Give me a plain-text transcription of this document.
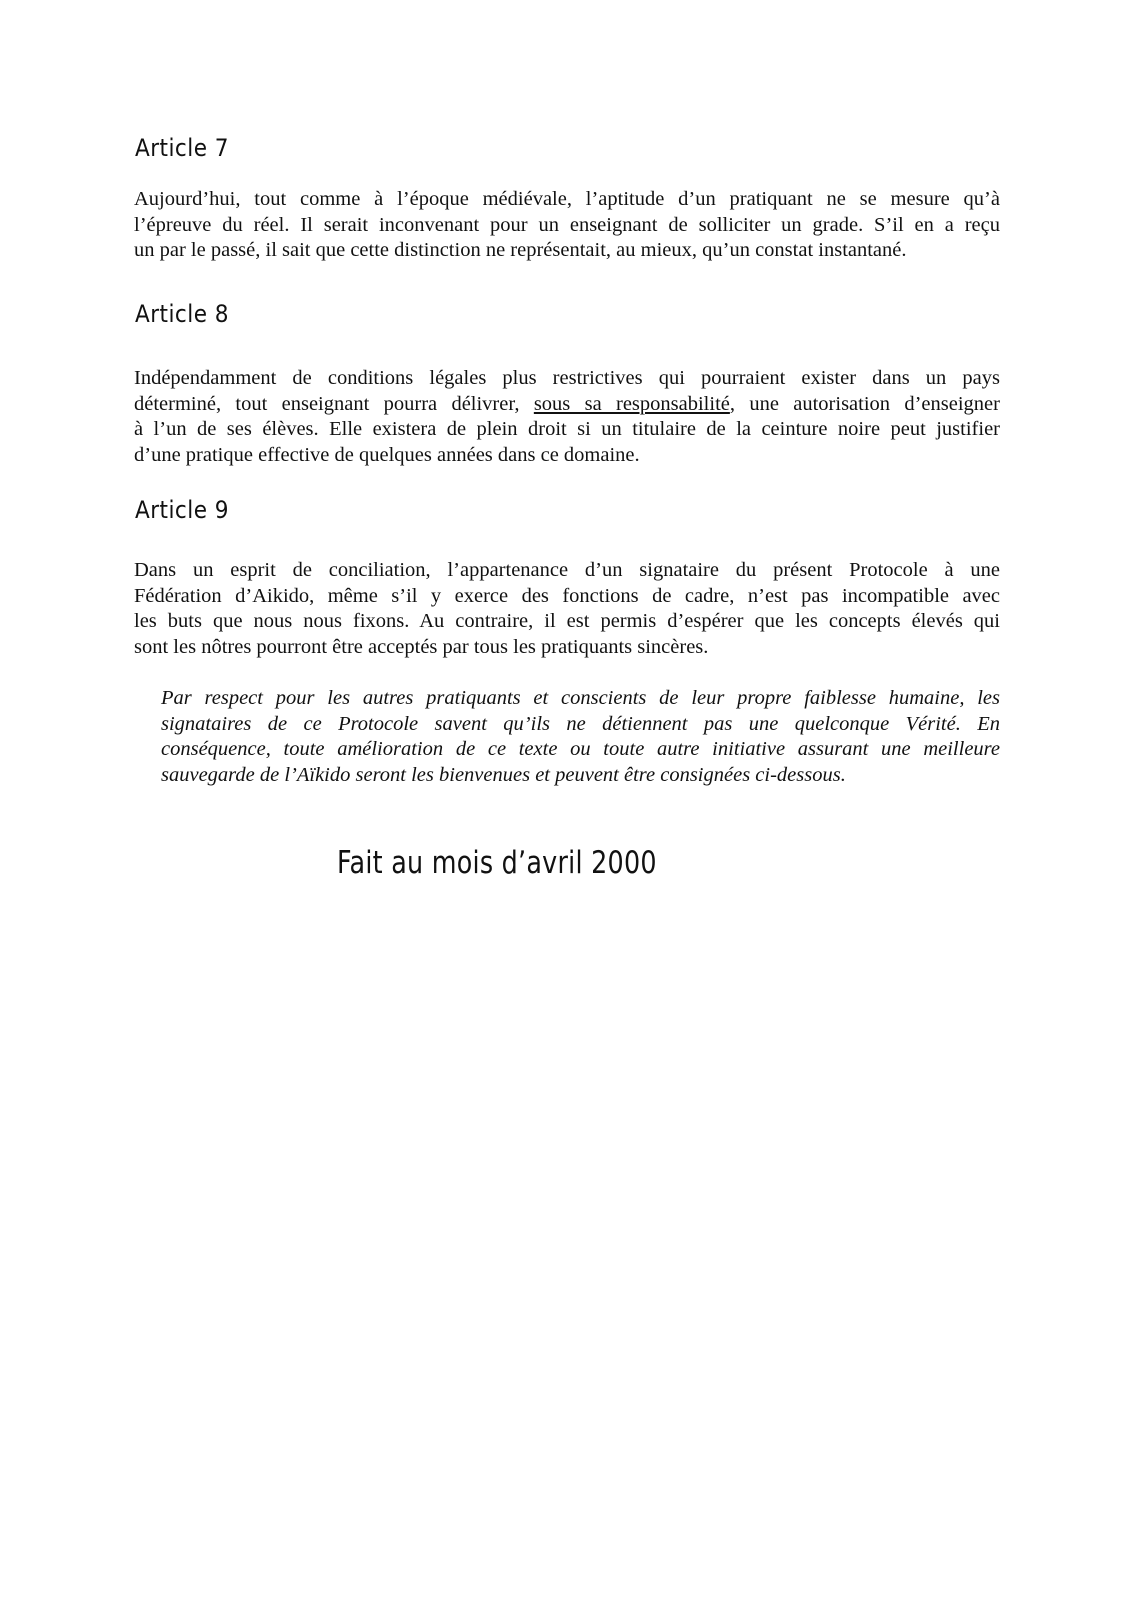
Article 7

Aujourd’hui, tout comme à l’époque médiévale, l’aptitude d’un pratiquant ne se mesure qu’à
l’épreuve du réel. Il serait inconvenant pour un enseignant de solliciter un grade. S’il en a reçu
un par le passé, il sait que cette distinction ne représentait, au mieux, qu’un constat instantané.

Article 8

Indépendamment de conditions légales plus restrictives qui pourraient exister dans un pays
déterminé, tout enseignant pourra délivrer, sous sa responsabilité, une autorisation d’enseigner
à l’un de ses élèves. Elle existera de plein droit si un titulaire de la ceinture noire peut justifier
d’une pratique effective de quelques années dans ce domaine.

Article 9

Dans un esprit de conciliation, l’appartenance d’un signataire du présent Protocole à une
Fédération d’Aikido, même s’il y exerce des fonctions de cadre, n’est pas incompatible avec
les buts que nous nous fixons. Au contraire, il est permis d’espérer que les concepts élevés qui
sont les nôtres pourront être acceptés par tous les pratiquants sincères.

Par respect pour les autres pratiquants et conscients de leur propre faiblesse humaine, les
signataires de ce Protocole savent qu’ils ne détiennent pas une quelconque Vérité. En
conséquence, toute amélioration de ce texte ou toute autre initiative assurant une meilleure
sauvegarde de l’Aïkido seront les bienvenues et peuvent être consignées ci-dessous.

Fait au mois d’avril 2000
